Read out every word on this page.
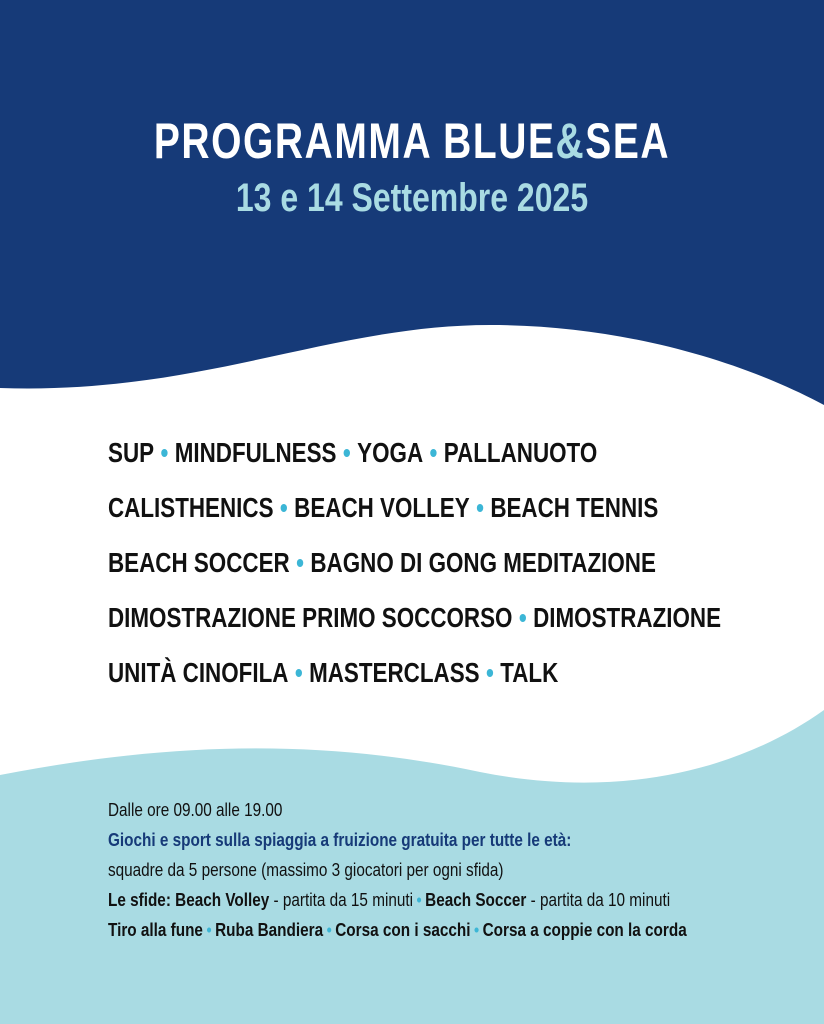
PROGRAMMA BLUE&SEA
13 e 14 Settembre 2025
SUP • MINDFULNESS • YOGA • PALLANUOTO
CALISTHENICS • BEACH VOLLEY • BEACH TENNIS
BEACH SOCCER • BAGNO DI GONG MEDITAZIONE
DIMOSTRAZIONE PRIMO SOCCORSO • DIMOSTRAZIONE
UNITÀ CINOFILA • MASTERCLASS • TALK
Dalle ore 09.00 alle 19.00
Giochi e sport sulla spiaggia a fruizione gratuita per tutte le età:
squadre da 5 persone (massimo 3 giocatori per ogni sfida)
Le sfide: Beach Volley - partita da 15 minuti • Beach Soccer - partita da 10 minuti
Tiro alla fune • Ruba Bandiera • Corsa con i sacchi • Corsa a coppie con la corda
